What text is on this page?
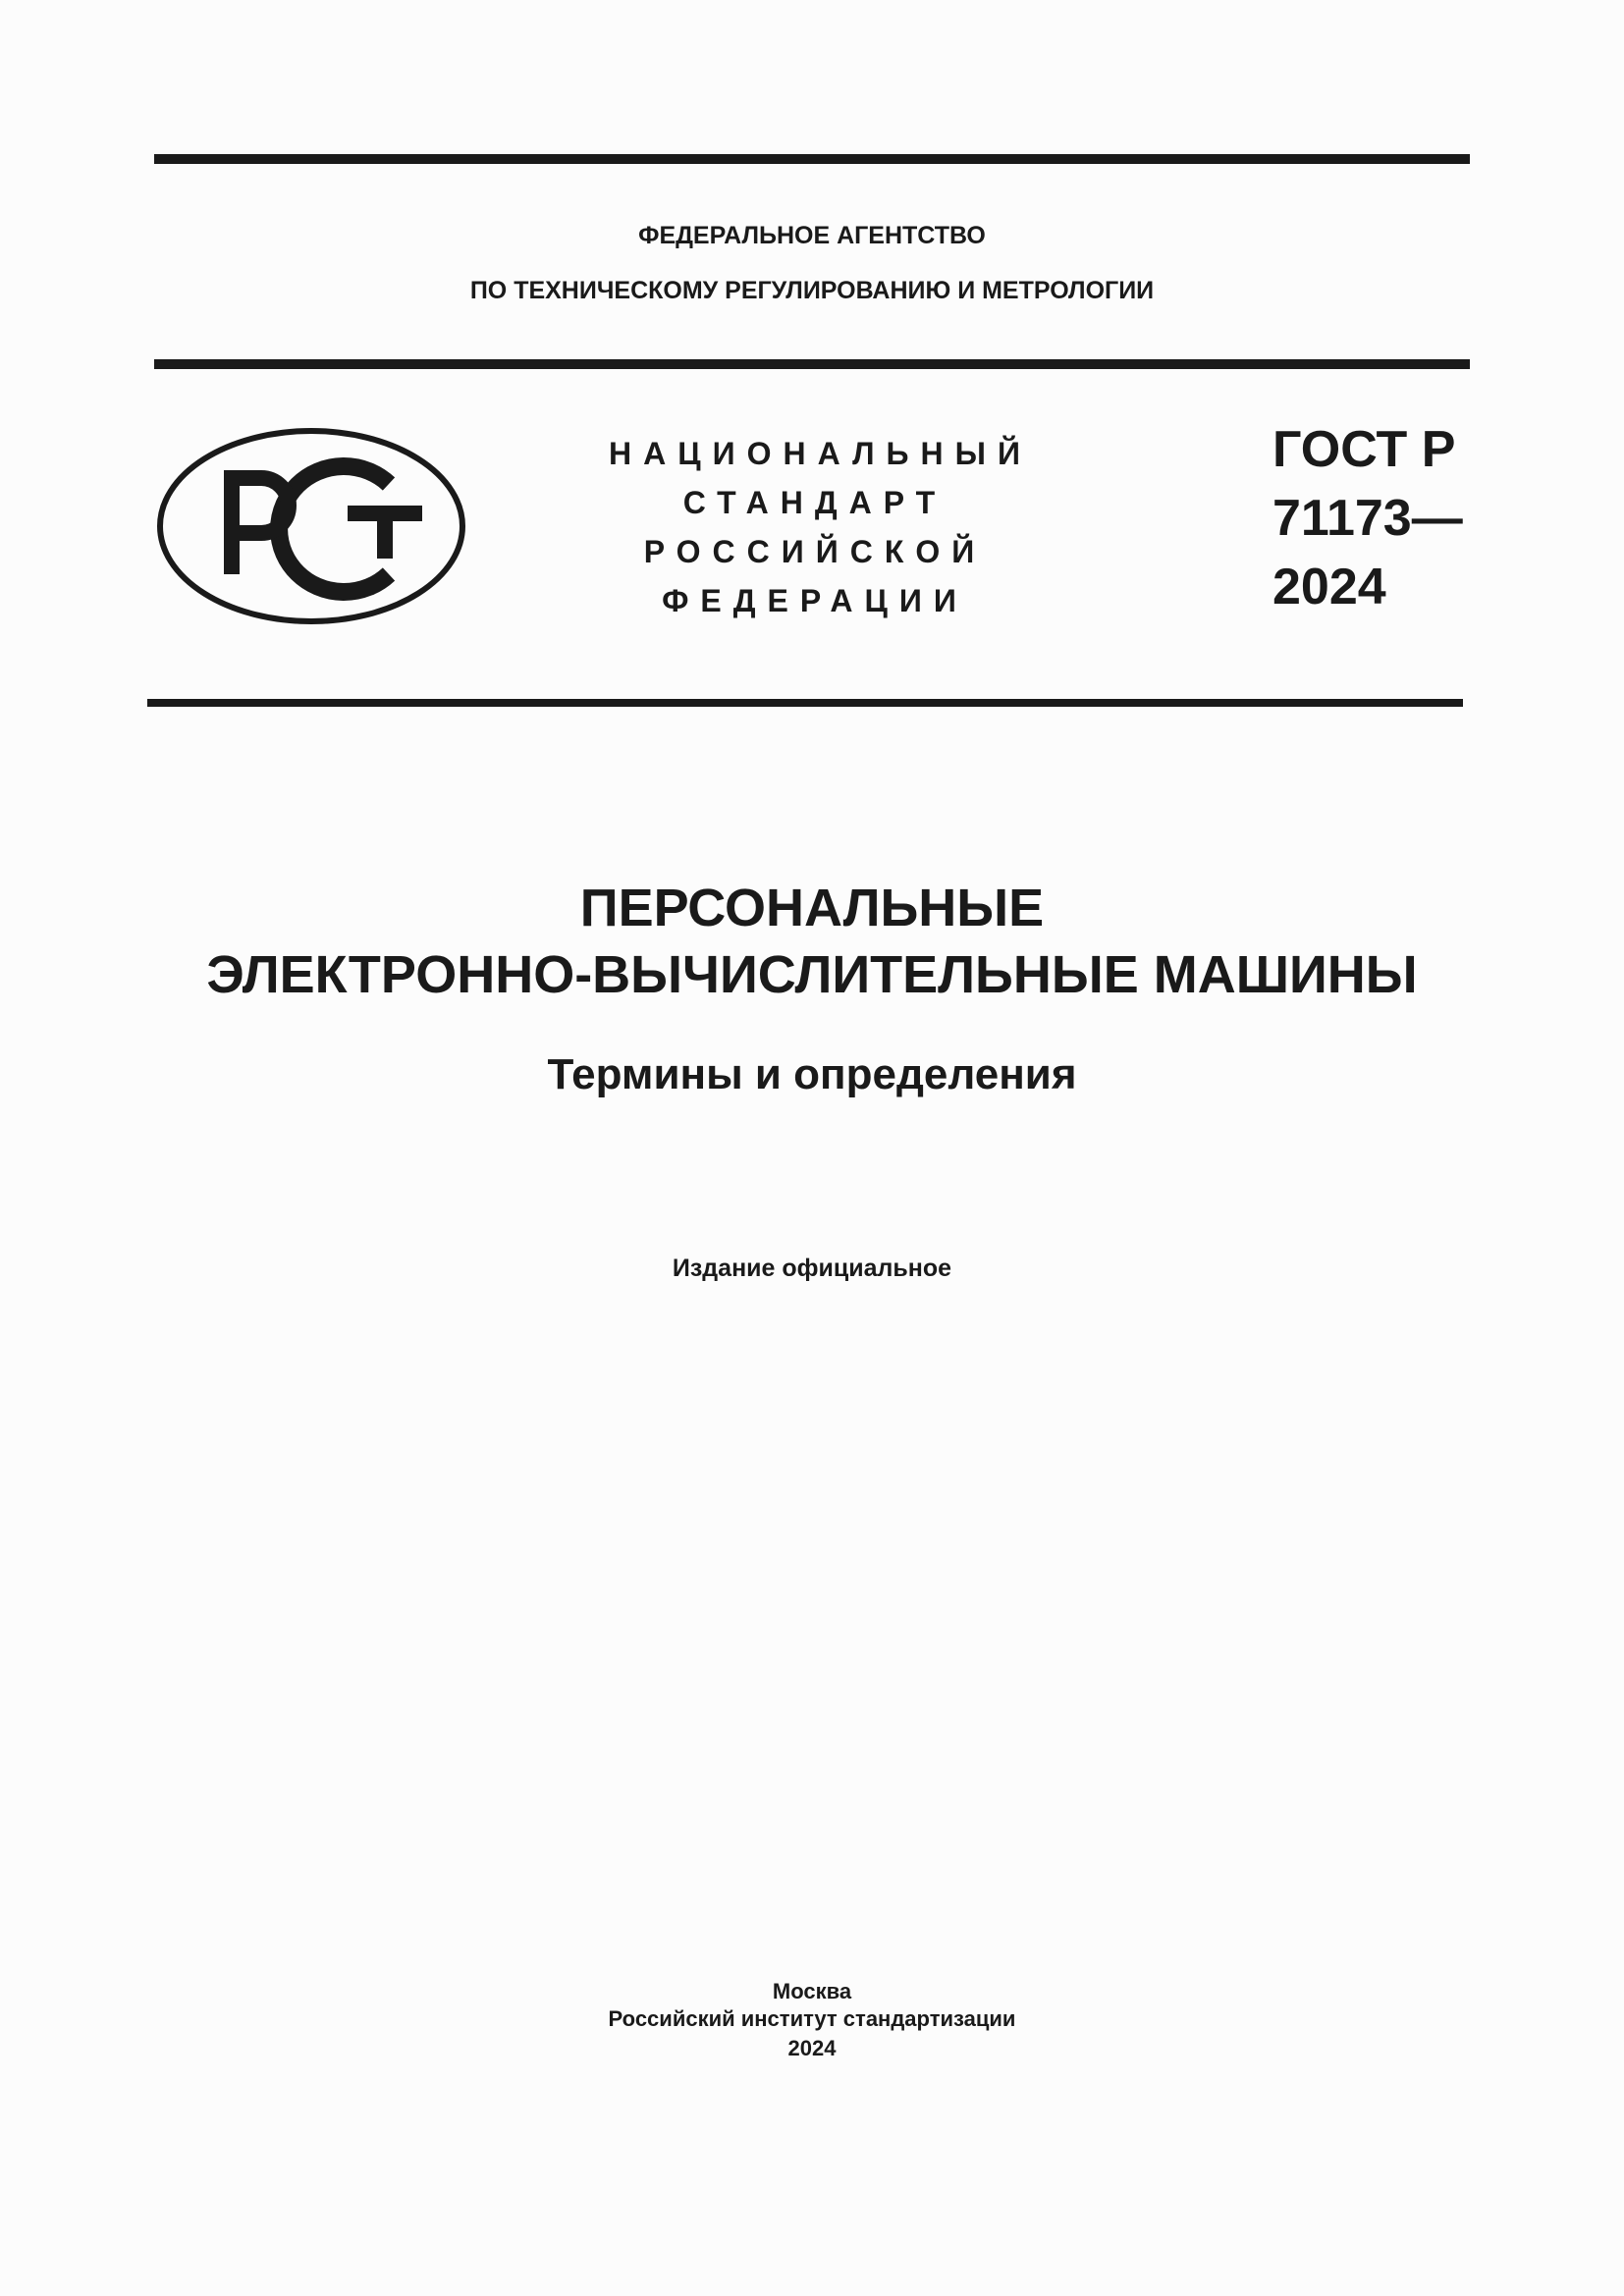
ФЕДЕРАЛЬНОЕ АГЕНТСТВО
ПО ТЕХНИЧЕСКОМУ РЕГУЛИРОВАНИЮ И МЕТРОЛОГИИ
НАЦИОНАЛЬНЫЙ
СТАНДАРТ
РОССИЙСКОЙ
ФЕДЕРАЦИИ
ГОСТ Р
71173—
2024
ПЕРСОНАЛЬНЫЕ
ЭЛЕКТРОННО-ВЫЧИСЛИТЕЛЬНЫЕ МАШИНЫ
Термины и определения
Издание официальное
Москва
Российский институт стандартизации
2024
